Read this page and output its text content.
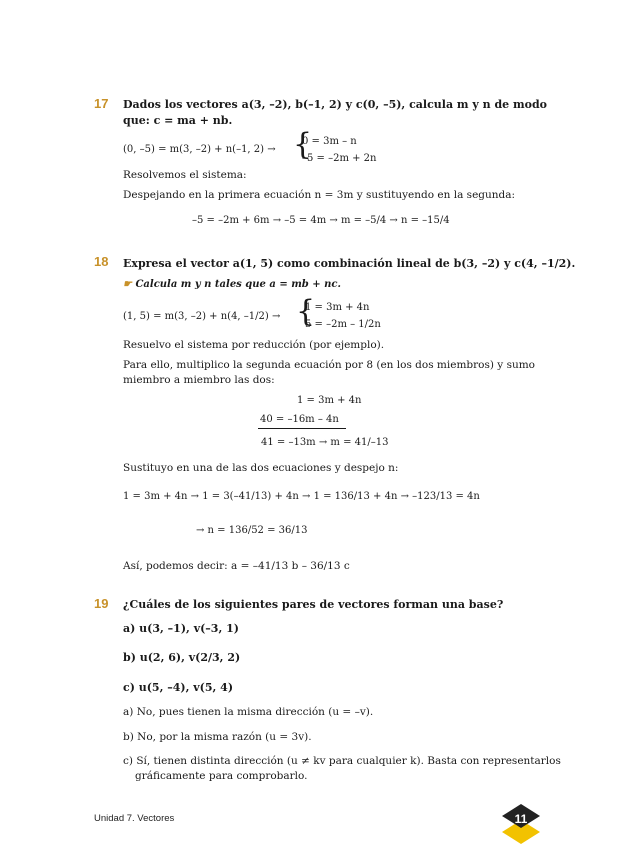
17 Dados los vectores a(3, –2), b(–1, 2) y c(0, –5), calcula m y n de modo
que: c = ma + nb.
(0, –5) = m(3, –2) + n(–1, 2) → {
0 = 3m – n
–5 = –2m + 2n
Resolvemos el sistema:
Despejando en la primera ecuación n = 3m y sustituyendo en la segunda:
–5 = –2m + 6m → –5 = 4m → m = –5/4 → n = –15/4
18 Expresa el vector a(1, 5) como combinación lineal de b(3, –2) y c(4, –1/2).
☛ Calcula m y n tales que a = mb + nc.
(1, 5) = m(3, –2) + n(4, –1/2) → {
1 = 3m + 4n
5 = –2m – 1/2n
Resuelvo el sistema por reducción (por ejemplo).
Para ello, multiplico la segunda ecuación por 8 (en los dos miembros) y sumo
miembro a miembro las dos:
1 = 3m + 4n
40 = –16m – 4n
41 = –13m → m = 41/–13
Sustituyo en una de las dos ecuaciones y despejo n:
1 = 3m + 4n → 1 = 3(–41/13) + 4n → 1 = 136/13 + 4n → –123/13 = 4n
→ n = 136/52 = 36/13
Así, podemos decir: a = –41/13 b – 36/13 c
19 ¿Cuáles de los siguientes pares de vectores forman una base?
a) u(3, –1), v(–3, 1)
b) u(2, 6), v(2/3, 2)
c) u(5, –4), v(5, 4)
a) No, pues tienen la misma dirección (u = –v).
b) No, por la misma razón (u = 3v).
c) Sí, tienen distinta dirección (u ≠ kv para cualquier k). Basta con representarlos
gráficamente para comprobarlo.
Unidad 7. Vectores	11
